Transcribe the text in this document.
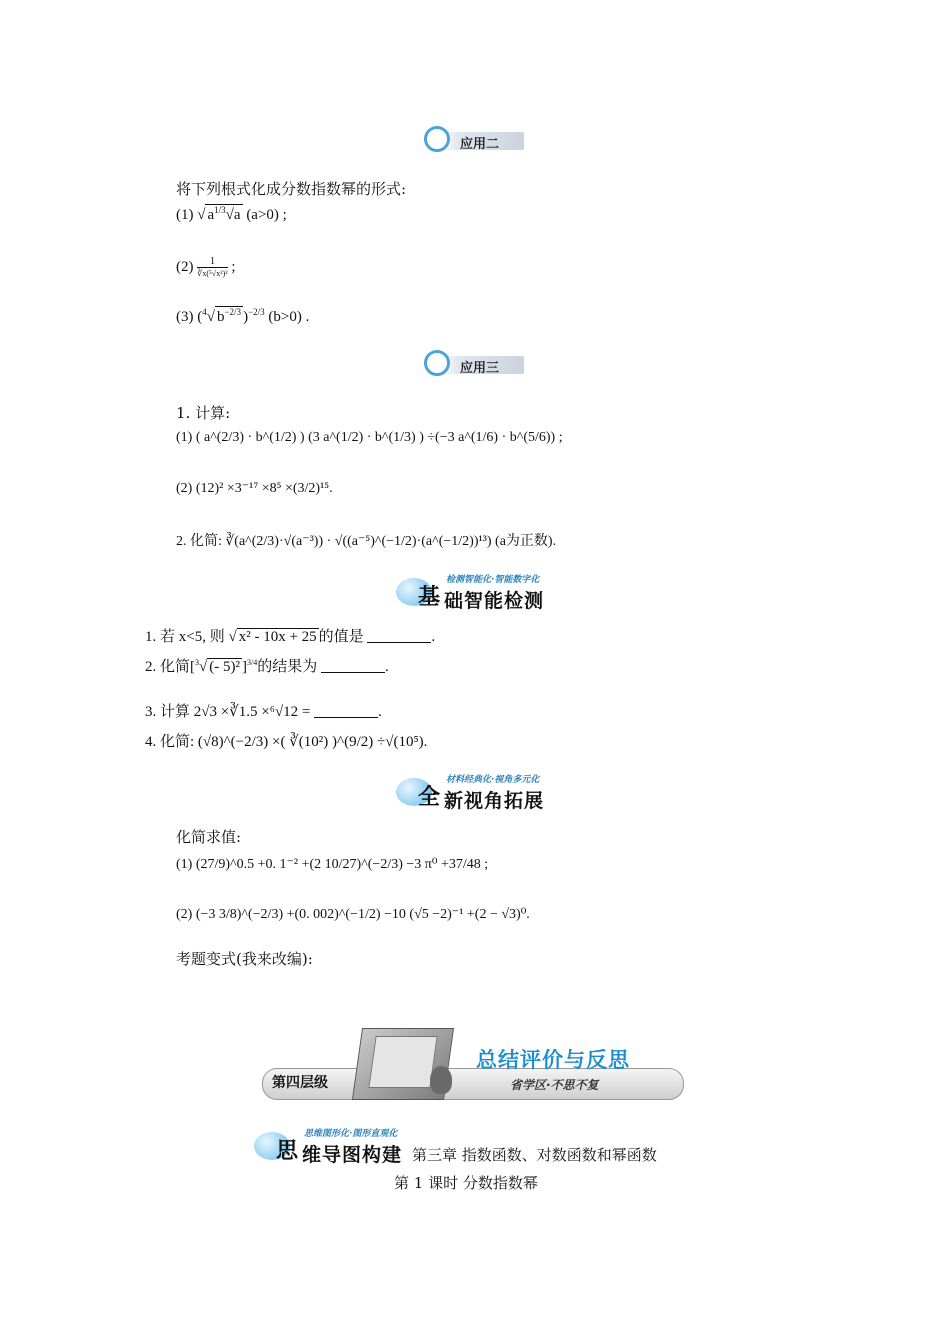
应用二
将下列根式化成分数指数幂的形式:
(1) √ $a^{1/3}√a$ (a>0) ;
$(2) \frac{1}{\text{∛x(⁵√x²)²}}$ ;
(3) ($^4$√ $b^{-2/3}$ )$^{-2/3}$ (b>0) .
应用三
1. 计算:
(1) ( a^(2/3) · b^(1/2) ) (3 a^(1/2) · b^(1/3) ) ÷(−3 a^(1/6) · b^(5/6)) ;
(2) (12)² ×3⁻¹⁷ ×8⁵ ×(3/2)¹⁵.
2. 化简: ∛(a^(2/3)·√(a⁻³)) · √((a⁻⁵)^(−1/2)·(a^(−1/2))¹³) (a为正数).
基 础智能检测
检测智能化·智能数字化
1. 若 x<5, 则 √ x² - 10x + 25 的值是	.
2. 化简[$^3$√ (- 5)² ]$^{3/4}$的结果为	.
3. 计算 2√3 ×∛1.5 ×⁶√12 =	.
4. 化简: (√8)^(−2/3) ×( ∛(10²) )^(9/2) ÷√(10⁵).
全 新视角拓展
材料经典化·视角多元化
化简求值:
(1) (27/9)^0.5 +0. 1⁻² +(2 10/27)^(−2/3) −3 π⁰ +37/48 ;
(2) (−3 3/8)^(−2/3) +(0. 002)^(−1/2) −10 (√5 −2)⁻¹ +(2 − √3)⁰.
考题变式(我来改编):
第四层级
总结评价与反思
省学区·不思不复
思 维导图构建
思维图形化·图形直观化
第三章 指数函数、对数函数和幂函数
第 1 课时 分数指数幂
